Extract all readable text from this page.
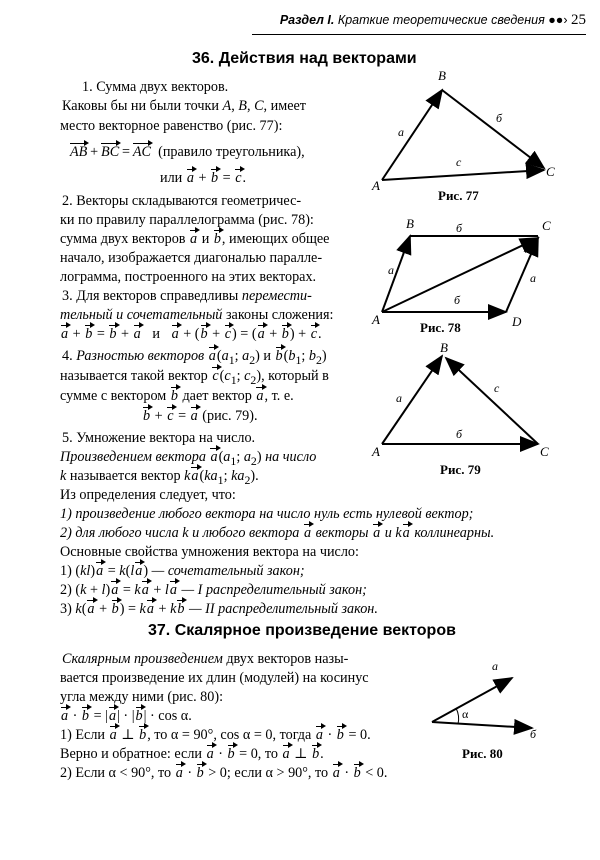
Раздел I. Краткие теоретические сведения ●●› 25
36. Действия над векторами
1. Сумма двух векторов.
Каковы бы ни были точки A, B, C, имеет
место векторное равенство (рис. 77):
AB + BC = AC (правило треугольника),
или a + b = c.
2. Векторы складываются геометричес-
ки по правилу параллелограмма (рис. 78):
сумма двух векторов a и b, имеющих общее
начало, изображается диагональю паралле-
лограмма, построенного на этих векторах.
3. Для векторов справедливы перемести-
тельный и сочетательный законы сложения:
a + b = b + a   и   a + (b + c) = (a + b) + c.
4. Разностью векторов $a(a_1$; $a_2$) и $b(b_1$; $b_2$)
называется такой вектор $c(c_1$; $c_2$), который в
сумме с вектором b дает вектор a, т. е.
b + c = a (рис. 79).
5. Умножение вектора на число.
Произведением вектора $a(a_1$; $a_2$) на число
k называется вектор $ka(ka_1$; $ka_2$).
Из определения следует, что:
1) произведение любого вектора на число нуль есть нулевой вектор;
2) для любого числа k и любого вектора a векторы a и ka коллинеарны.
Основные свойства умножения вектора на число:
1) (kl)a = k(la) — сочетательный закон;
2) (k + l)a = ka + la — I распределительный закон;
3) k(a + b) = ka + kb — II распределительный закон.
37. Скалярное произведение векторов
Скалярным произведением двух векторов назы-
вается произведение их длин (модулей) на косинус
угла между ними (рис. 80):
a · b = |a| · |b| · cos α.
1) Если a ⊥ b, то α = 90°, cos α = 0, тогда a · b = 0.
Верно и обратное: если a · b = 0, то a ⊥ b.
2) Если α < 90°, то a · b > 0; если α > 90°, то a · b < 0.
A
B
C
a⃗
б⃗
c⃗
Рис. 77
A
B	C
D
a⃗
б⃗
a⃗
б⃗
Рис. 78
A
B
C
a⃗
б⃗
c⃗
Рис. 79
α
a⃗
б⃗
Рис. 80
